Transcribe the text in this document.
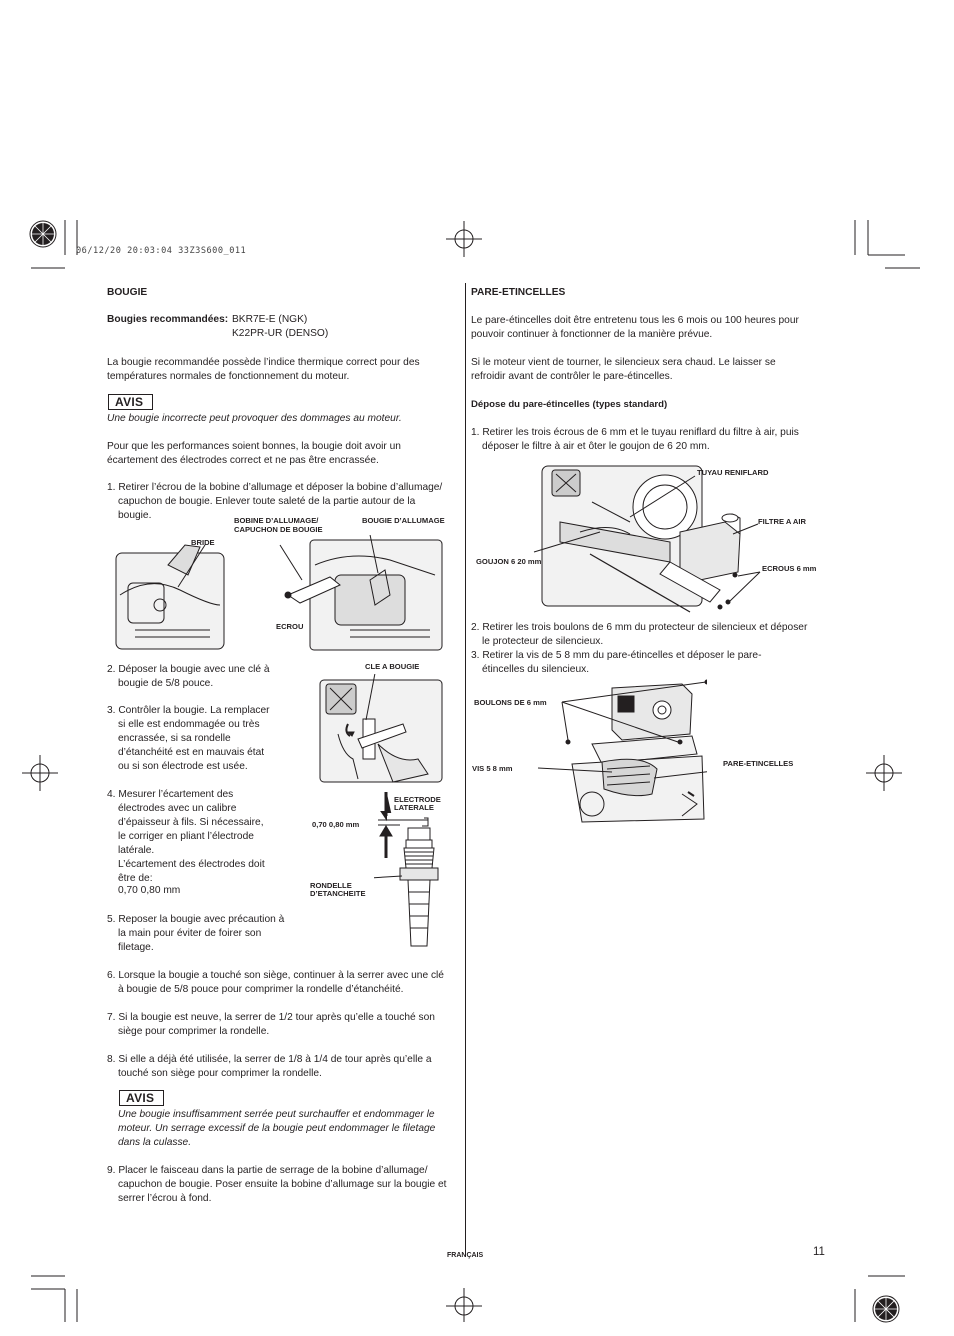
06/12/20 20:03:04 33Z3S600_011
BOUGIE
Bougies recommandées: BKR7E-E (NGK)
K22PR-UR (DENSO)
La bougie recommandée possède l’indice thermique correct pour des
températures normales de fonctionnement du moteur.
AVIS
Une bougie incorrecte peut provoquer des dommages au moteur.
Pour que les performances soient bonnes, la bougie doit avoir un
écartement des électrodes correct et ne pas être encrassée.
1. Retirer l’écrou de la bobine d’allumage et déposer la bobine d’allumage/
capuchon de bougie. Enlever toute saleté de la partie autour de la
bougie.	BOBINE D’ALLUMAGE/
CAPUCHON DE BOUGIE
BOUGIE D’ALLUMAGE
BRIDE
ECROU
2. Déposer la bougie avec une clé à
bougie de 5/8 pouce.
CLE A BOUGIE
3. Contrôler la bougie. La remplacer
si elle est endommagée ou très
encrassée, si sa rondelle
d’étanchéité est en mauvais état
ou si son électrode est usée.
4. Mesurer l’écartement des
électrodes avec un calibre
d’épaisseur à fils. Si nécessaire,
le corriger en pliant l’électrode
latérale.
L’écartement des électrodes doit
être de:
0,70 0,80 mm
ELECTRODE
LATERALE
0,70 0,80 mm
RONDELLE
D’ETANCHEITE
5. Reposer la bougie avec précaution à
la main pour éviter de foirer son
filetage.
6. Lorsque la bougie a touché son siège, continuer à la serrer avec une clé
à bougie de 5/8 pouce pour comprimer la rondelle d’étanchéité.
7. Si la bougie est neuve, la serrer de 1/2 tour après qu’elle a touché son
siège pour comprimer la rondelle.
8. Si elle a déjà été utilisée, la serrer de 1/8 à 1/4 de tour après qu’elle a
touché son siège pour comprimer la rondelle.
AVIS
Une bougie insuffisamment serrée peut surchauffer et endommager le
moteur. Un serrage excessif de la bougie peut endommager le filetage
dans la culasse.
9. Placer le faisceau dans la partie de serrage de la bobine d’allumage/
capuchon de bougie. Poser ensuite la bobine d’allumage sur la bougie et
serrer l’écrou à fond.
PARE-ETINCELLES
Le pare-étincelles doit être entretenu tous les 6 mois ou 100 heures pour
pouvoir continuer à fonctionner de la manière prévue.
Si le moteur vient de tourner, le silencieux sera chaud. Le laisser se
refroidir avant de contrôler le pare-étincelles.
Dépose du pare-étincelles (types standard)
1. Retirer les trois écrous de 6 mm et le tuyau reniflard du filtre à air, puis
déposer le filtre à air et ôter le goujon de 6 20 mm.
TUYAU RENIFLARD
FILTRE A AIR
GOUJON 6 20 mm
ECROUS 6 mm
2. Retirer les trois boulons de 6 mm du protecteur de silencieux et déposer
le protecteur de silencieux.
3. Retirer la vis de 5 8 mm du pare-étincelles et déposer le pare-
étincelles du silencieux.
BOULONS DE 6 mm
VIS 5 8 mm
PARE-ETINCELLES
FRANÇAIS	11
